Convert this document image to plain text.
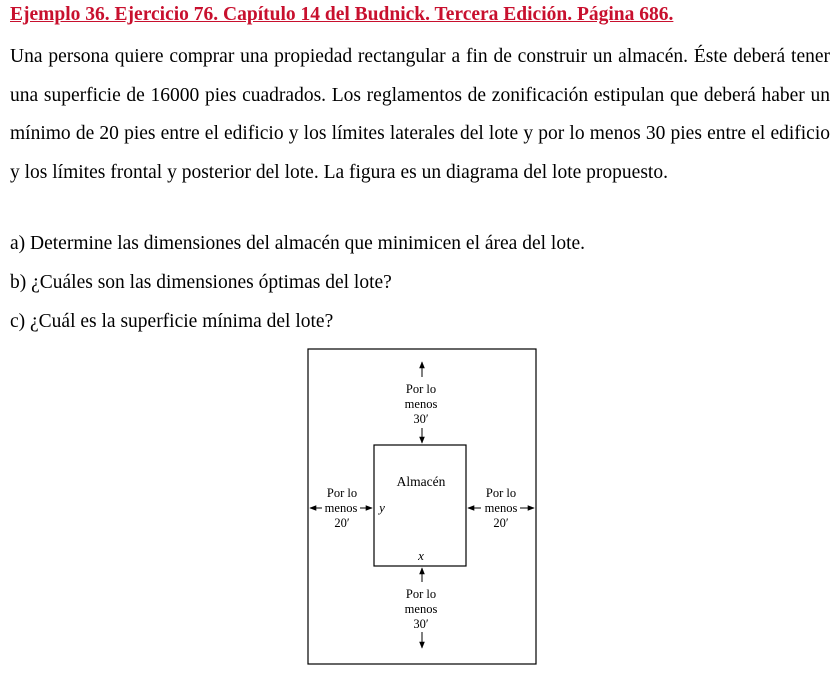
Ejemplo 36. Ejercicio 76. Capítulo 14 del Budnick. Tercera Edición. Página 686.
Una persona quiere comprar una propiedad rectangular a fin de construir un almacén. Éste deberá tener una superficie de 16000 pies cuadrados. Los reglamentos de zonificación estipulan que deberá haber un mínimo de 20 pies entre el edificio y los límites laterales del lote y por lo menos 30 pies entre el edificio y los límites frontal y posterior del lote. La figura es un diagrama del lote propuesto.
a) Determine las dimensiones del almacén que minimicen el área del lote.
b) ¿Cuáles son las dimensiones óptimas del lote?
c) ¿Cuál es la superficie mínima del lote?
Por lo
menos
30′
Por lo
menos
30′
Por lo
menos
20′
Por lo
menos
20′
Almacén
y
x
